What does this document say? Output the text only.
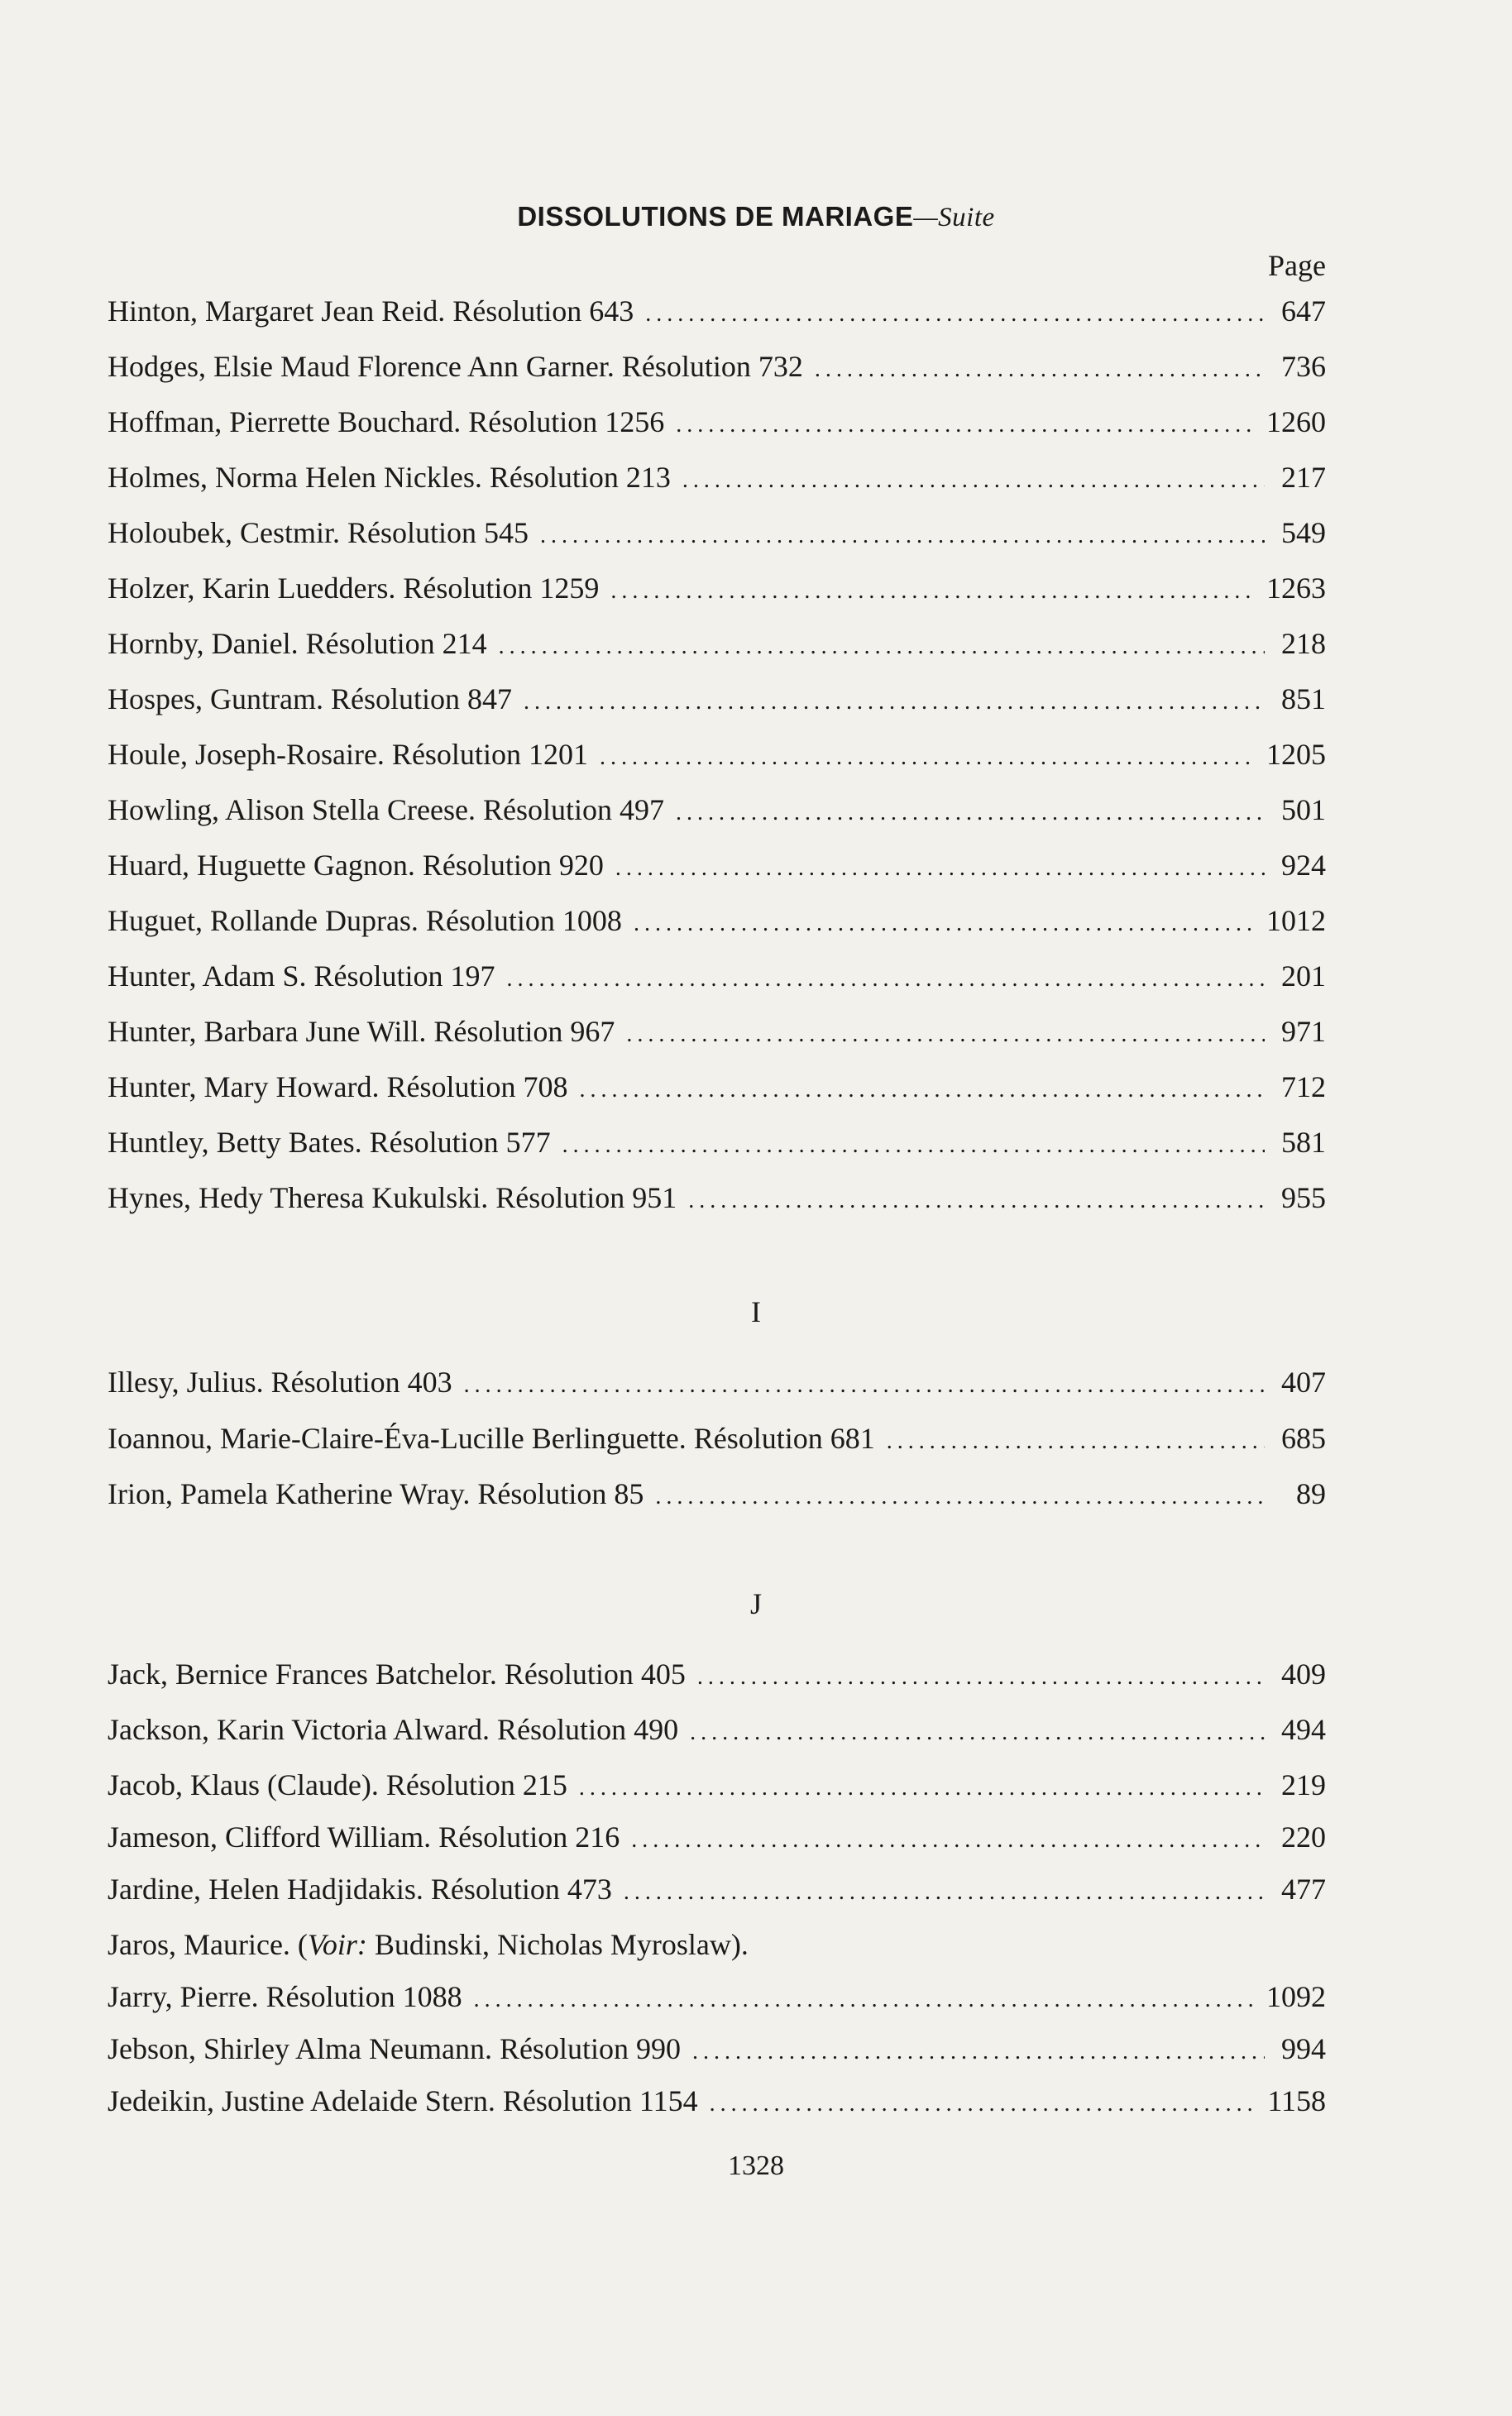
DISSOLUTIONS DE MARIAGE—Suite
Page
Hinton, Margaret Jean Reid. Résolution 643 .....	647
Hodges, Elsie Maud Florence Ann Garner. Résolution 732 .....	736
Hoffman, Pierrette Bouchard. Résolution 1256 .....	1260
Holmes, Norma Helen Nickles. Résolution 213 .....	217
Holoubek, Cestmir. Résolution 545 .....	549
Holzer, Karin Luedders. Résolution 1259 .....	1263
Hornby, Daniel. Résolution 214 .....	218
Hospes, Guntram. Résolution 847 .....	851
Houle, Joseph-Rosaire. Résolution 1201 .....	1205
Howling, Alison Stella Creese. Résolution 497 .....	501
Huard, Huguette Gagnon. Résolution 920 .....	924
Huguet, Rollande Dupras. Résolution 1008 .....	1012
Hunter, Adam S. Résolution 197 .....	201
Hunter, Barbara June Will. Résolution 967 .....	971
Hunter, Mary Howard. Résolution 708 .....	712
Huntley, Betty Bates. Résolution 577 .....	581
Hynes, Hedy Theresa Kukulski. Résolution 951 .....	955
I
Illesy, Julius. Résolution 403 .....	407
Ioannou, Marie-Claire-Éva-Lucille Berlinguette. Résolution 681 .....	685
Irion, Pamela Katherine Wray. Résolution 85 .....	89
J
Jack, Bernice Frances Batchelor. Résolution 405 .....	409
Jackson, Karin Victoria Alward. Résolution 490 .....	494
Jacob, Klaus (Claude). Résolution 215 .....	219
Jameson, Clifford William. Résolution 216 .....	220
Jardine, Helen Hadjidakis. Résolution 473 .....	477
Jaros, Maurice. (Voir: Budinski, Nicholas Myroslaw).
Jarry, Pierre. Résolution 1088 .....	1092
Jebson, Shirley Alma Neumann. Résolution 990 .....	994
Jedeikin, Justine Adelaide Stern. Résolution 1154 .....	1158
1328
